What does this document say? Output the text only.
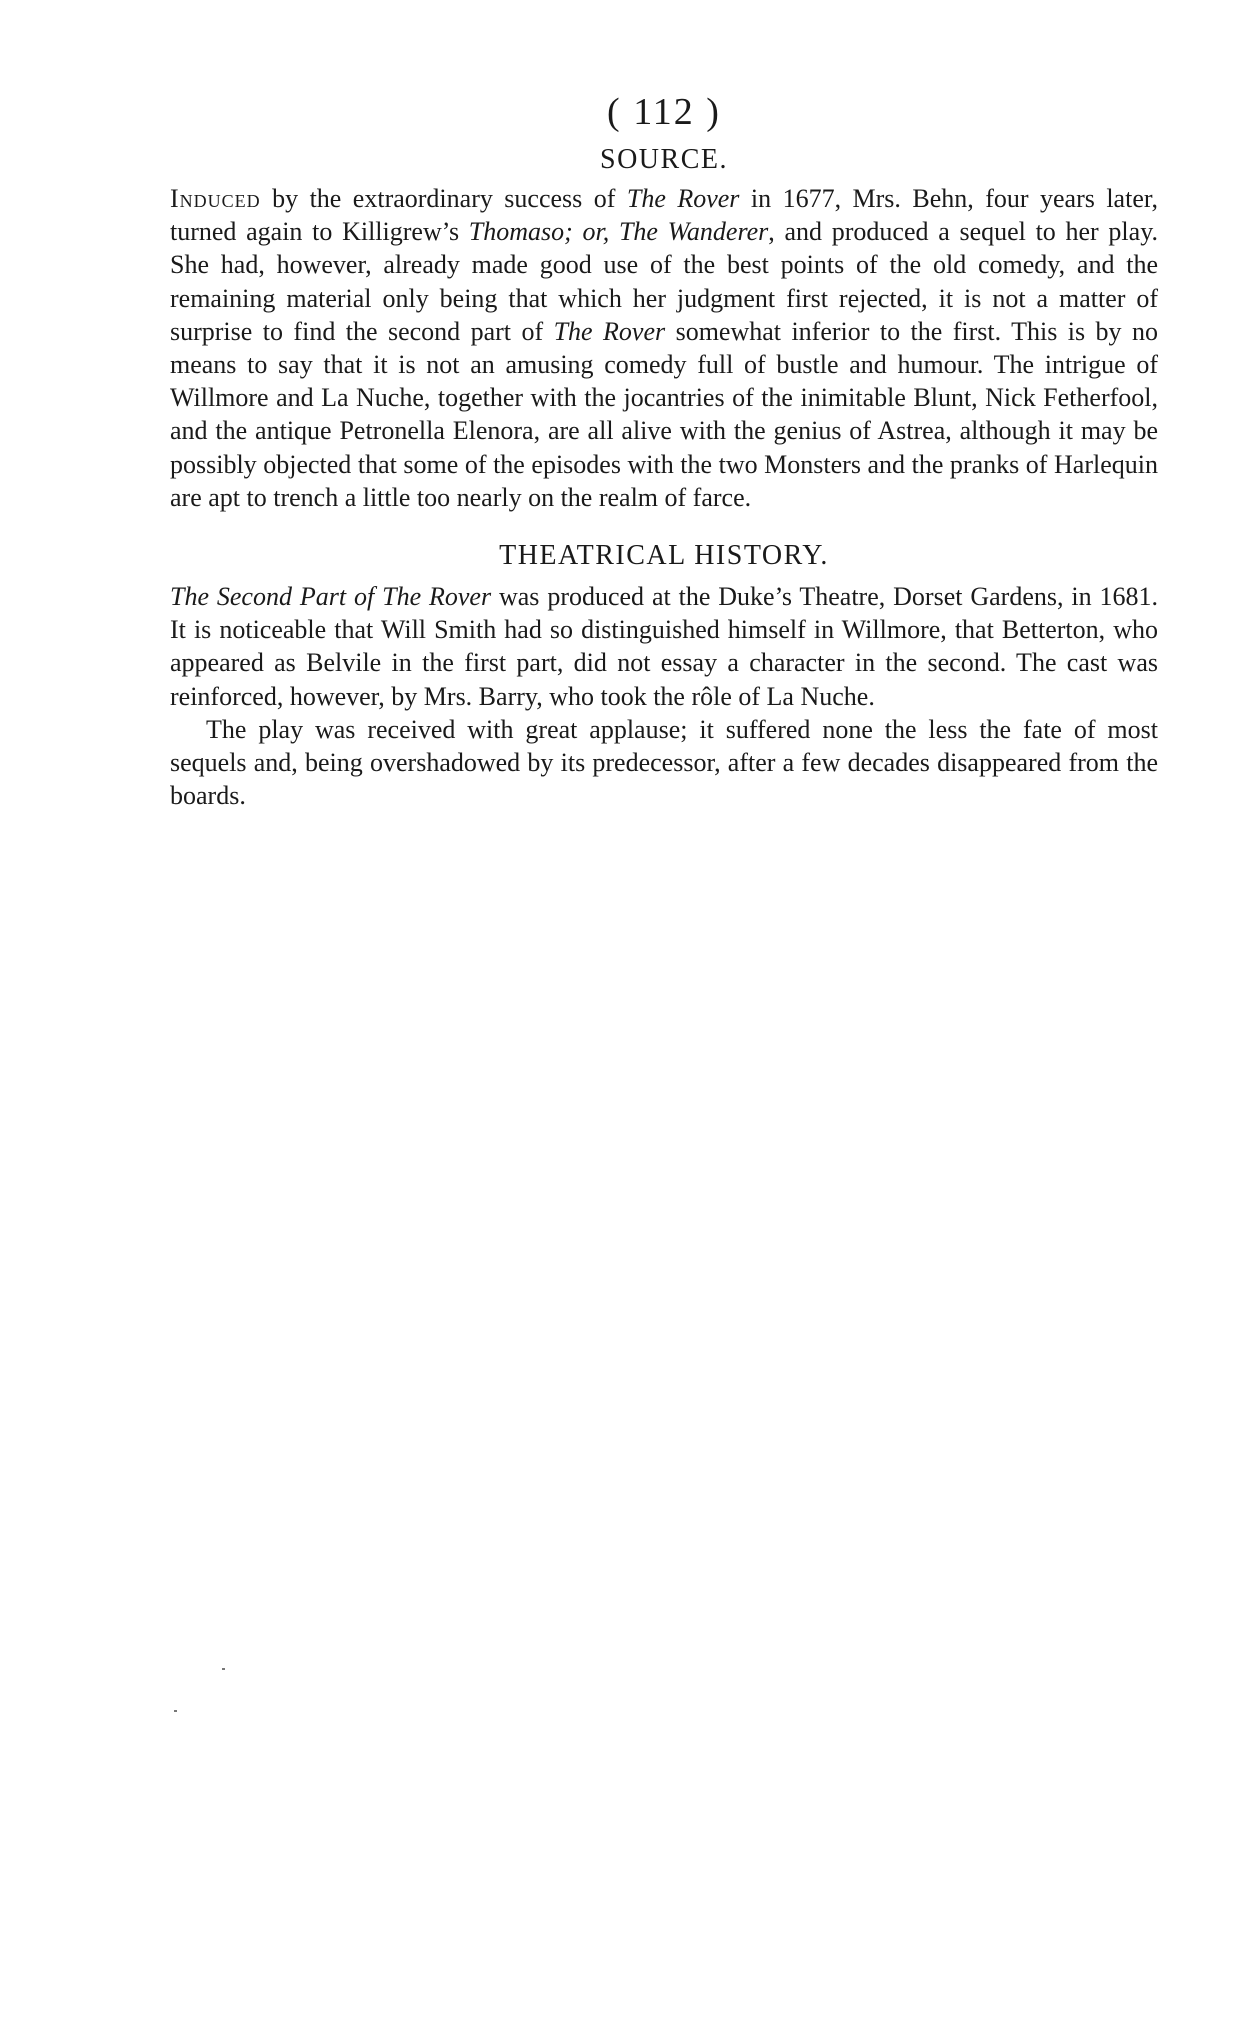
( 112 )
SOURCE.

Induced by the extraordinary success of The Rover in 1677, Mrs. Behn, four years later, turned again to Killigrew’s Thomaso; or, The Wanderer, and produced a sequel to her play. She had, however, already made good use of the best points of the old comedy, and the remaining material only being that which her judgment first rejected, it is not a matter of surprise to find the second part of The Rover somewhat inferior to the first. This is by no means to say that it is not an amusing comedy full of bustle and humour. The intrigue of Willmore and La Nuche, together with the jocantries of the inimitable Blunt, Nick Fetherfool, and the antique Petronella Elenora, are all alive with the genius of Astrea, although it may be possibly objected that some of the episodes with the two Monsters and the pranks of Harlequin are apt to trench a little too nearly on the realm of farce.

THEATRICAL HISTORY.

The Second Part of The Rover was produced at the Duke’s Theatre, Dorset Gardens, in 1681. It is noticeable that Will Smith had so distinguished himself in Willmore, that Betterton, who appeared as Belvile in the first part, did not essay a character in the second. The cast was reinforced, however, by Mrs. Barry, who took the rôle of La Nuche.

The play was received with great applause; it suffered none the less the fate of most sequels and, being overshadowed by its predecessor, after a few decades disappeared from the boards.
